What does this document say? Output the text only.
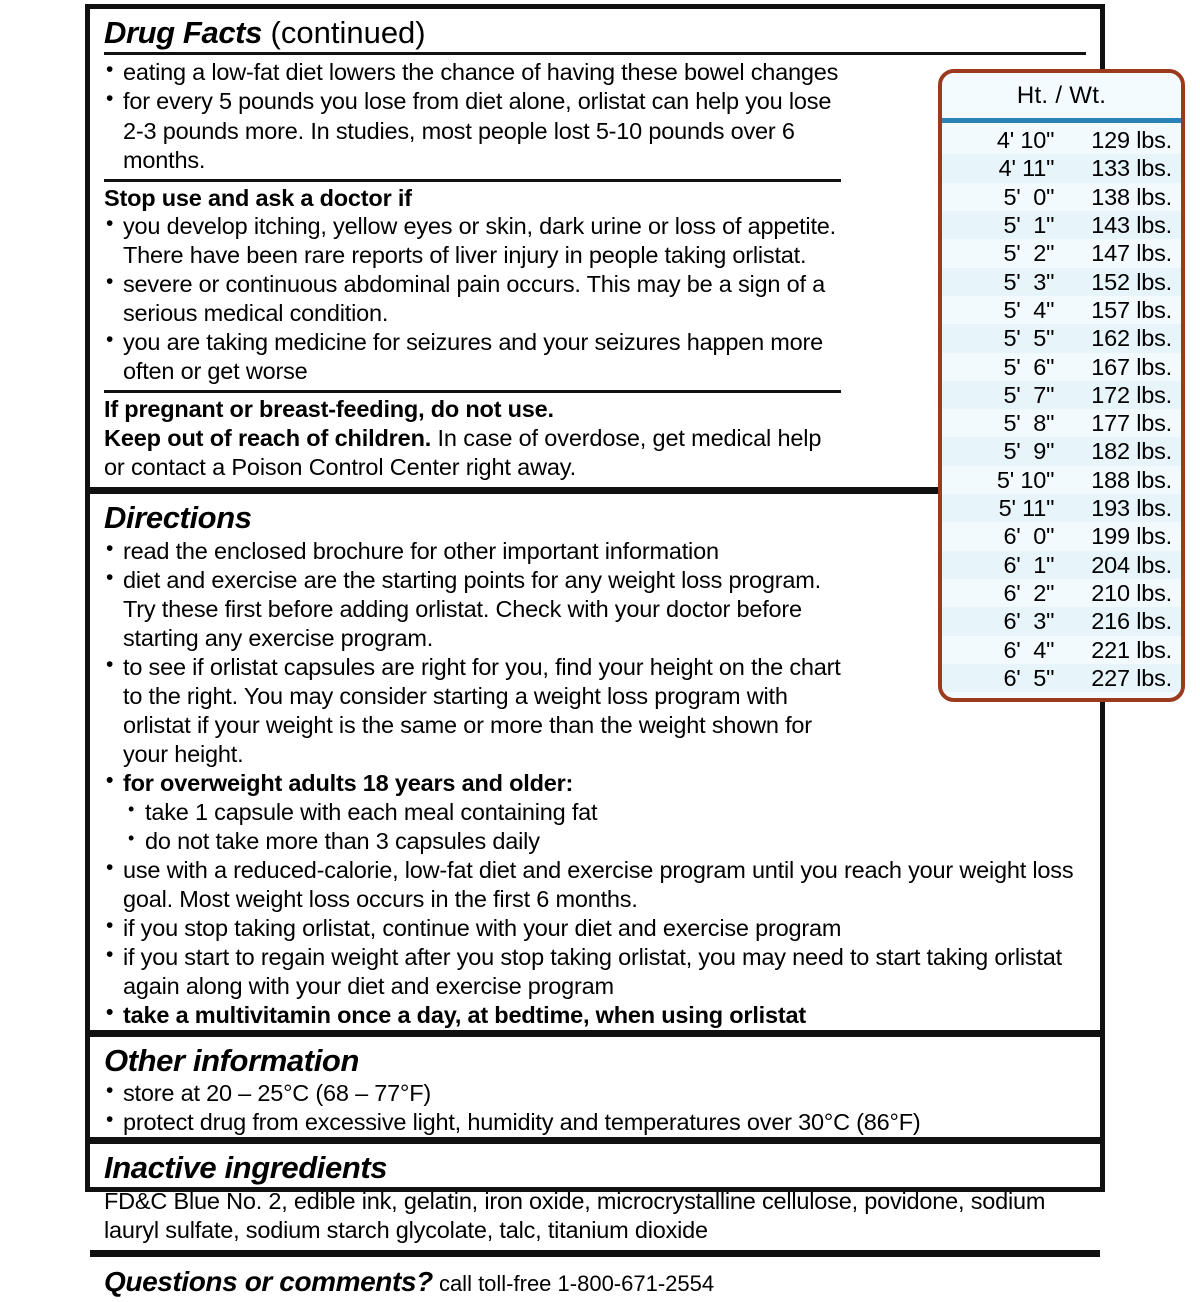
Drug Facts (continued)
• eating a low-fat diet lowers the chance of having these bowel changes
• for every 5 pounds you lose from diet alone, orlistat can help you lose 2-3 pounds more. In studies, most people lost 5-10 pounds over 6 months.
Stop use and ask a doctor if
• you develop itching, yellow eyes or skin, dark urine or loss of appetite. There have been rare reports of liver injury in people taking orlistat.
• severe or continuous abdominal pain occurs. This may be a sign of a serious medical condition.
• you are taking medicine for seizures and your seizures happen more often or get worse
If pregnant or breast-feeding, do not use.
Keep out of reach of children. In case of overdose, get medical help or contact a Poison Control Center right away.
Directions
• read the enclosed brochure for other important information
• diet and exercise are the starting points for any weight loss program. Try these first before adding orlistat. Check with your doctor before starting any exercise program.
• to see if orlistat capsules are right for you, find your height on the chart to the right. You may consider starting a weight loss program with orlistat if your weight is the same or more than the weight shown for your height.
• for overweight adults 18 years and older:
• take 1 capsule with each meal containing fat
• do not take more than 3 capsules daily
• use with a reduced-calorie, low-fat diet and exercise program until you reach your weight loss goal. Most weight loss occurs in the first 6 months.
• if you stop taking orlistat, continue with your diet and exercise program
• if you start to regain weight after you stop taking orlistat, you may need to start taking orlistat again along with your diet and exercise program
• take a multivitamin once a day, at bedtime, when using orlistat
Other information
• store at 20 – 25°C (68 – 77°F)
• protect drug from excessive light, humidity and temperatures over 30°C (86°F)
Inactive ingredients
FD&C Blue No. 2, edible ink, gelatin, iron oxide, microcrystalline cellulose, povidone, sodium lauryl sulfate, sodium starch glycolate, talc, titanium dioxide
Questions or comments? call toll-free 1-800-671-2554
Ht. / Wt.
4' 10"	129 lbs.
4' 11"	133 lbs.
5'  0"	138 lbs.
5'  1"	143 lbs.
5'  2"	147 lbs.
5'  3"	152 lbs.
5'  4"	157 lbs.
5'  5"	162 lbs.
5'  6"	167 lbs.
5'  7"	172 lbs.
5'  8"	177 lbs.
5'  9"	182 lbs.
5' 10"	188 lbs.
5' 11"	193 lbs.
6'  0"	199 lbs.
6'  1"	204 lbs.
6'  2"	210 lbs.
6'  3"	216 lbs.
6'  4"	221 lbs.
6'  5"	227 lbs.
